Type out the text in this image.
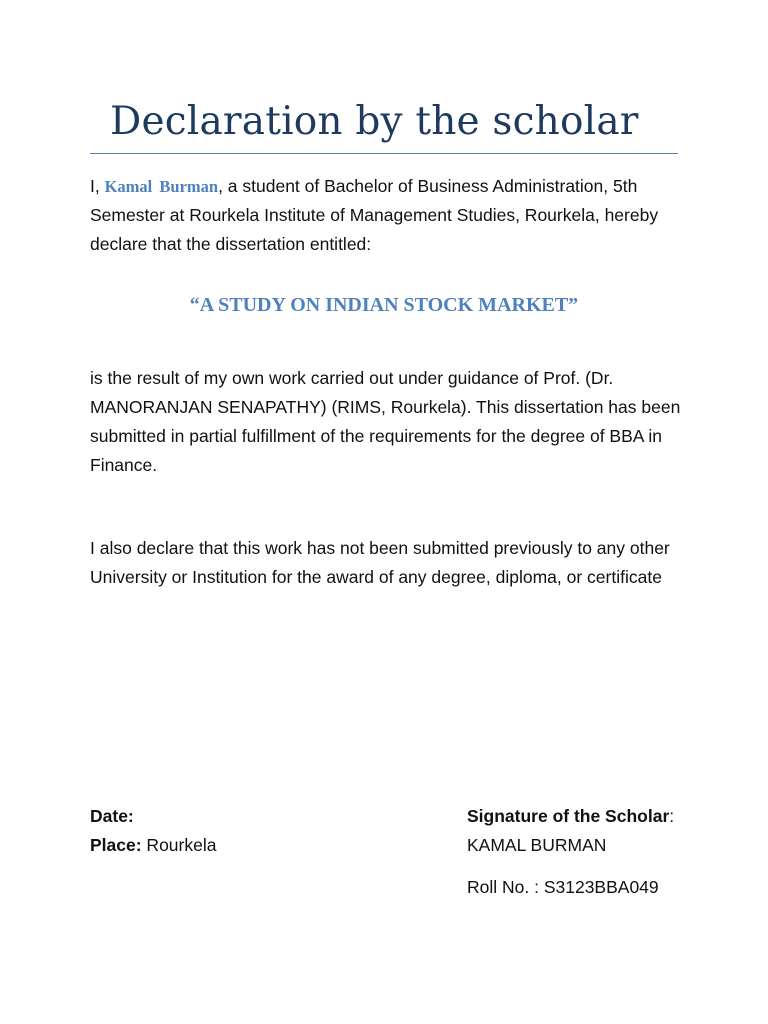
Declaration by the scholar
I, Kamal Burman, a student of Bachelor of Business Administration, 5th Semester at Rourkela Institute of Management Studies, Rourkela, hereby declare that the dissertation entitled:
“A STUDY ON INDIAN STOCK MARKET”
is the result of my own work carried out under guidance of Prof. (Dr. MANORANJAN SENAPATHY) (RIMS, Rourkela). This dissertation has been submitted in partial fulfillment of the requirements for the degree of BBA in Finance.
I also declare that this work has not been submitted previously to any other University or Institution for the award of any degree, diploma, or certificate
Date:
Place: Rourkela
Signature of the Scholar:
KAMAL BURMAN
Roll No. : S3123BBA049
